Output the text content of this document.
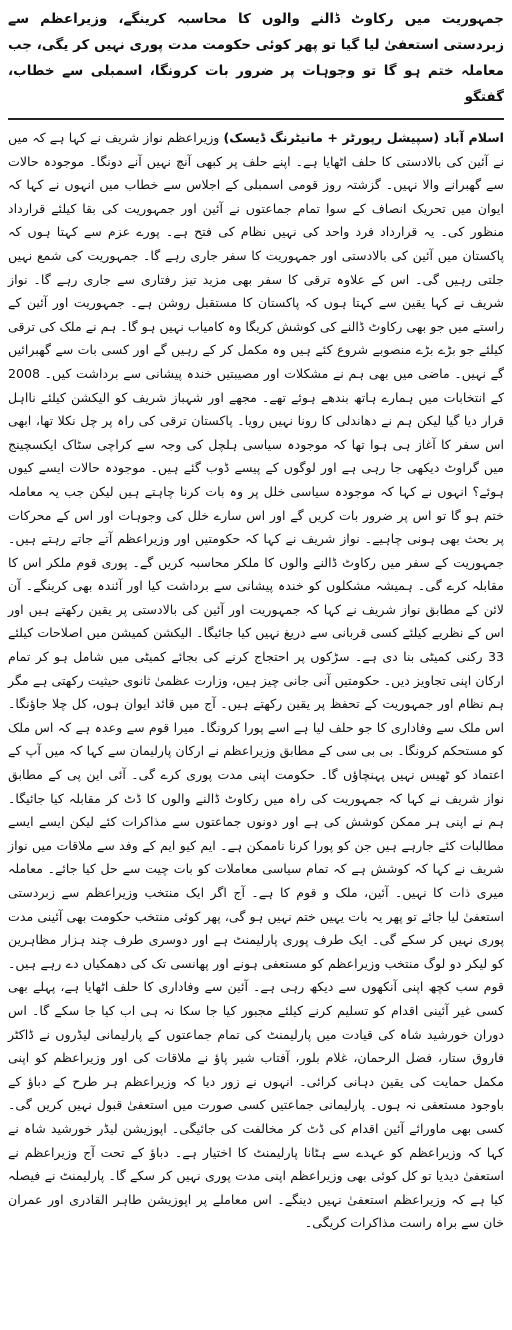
جمہوریت میں رکاوٹ ڈالنے والوں کا محاسبہ کرینگے، وزیراعظم سے زبردستی استعفیٰ لیا گیا تو پھر کوئی حکومت مدت پوری نہیں کر یگی، جب معاملہ ختم ہو گا تو وجوہات پر ضرور بات کرونگا، اسمبلی سے خطاب، گفتگو

اسلام آباد (سپیشل رپورٹر + مانیٹرنگ ڈیسک) وزیراعظم نواز شریف نے کہا ہے کہ میں نے آئین کی بالادستی کا حلف اٹھایا ہے۔ اپنے حلف پر کبھی آنچ نہیں آنے دونگا۔ موجودہ حالات سے گھبرانے والا نہیں۔ گزشتہ روز قومی اسمبلی کے اجلاس سے خطاب میں انہوں نے کہا کہ ایوان میں تحریک انصاف کے سوا تمام جماعتوں نے آئین اور جمہوریت کی بقا کیلئے قرارداد منظور کی۔ یہ قرارداد فرد واحد کی نہیں نظام کی فتح ہے۔ پورے عزم سے کہتا ہوں کہ پاکستان میں آئین کی بالادستی اور جمہوریت کا سفر جاری رہے گا۔ جمہوریت کی شمع نہیں جلتی رہیں گی۔ اس کے علاوہ ترقی کا سفر بھی مزید تیز رفتاری سے جاری رہے گا۔ نواز شریف نے کہا یقین سے کہتا ہوں کہ پاکستان کا مستقبل روشن ہے۔ جمہوریت اور آئین کے راستے میں جو بھی رکاوٹ ڈالنے کی کوشش کریگا وہ کامیاب نہیں ہو گا۔ ہم نے ملک کی ترقی کیلئے جو بڑے بڑے منصوبے شروع کئے ہیں وہ مکمل کر کے رہیں گے اور کسی بات سے گھبرائیں گے نہیں۔ ماضی میں بھی ہم نے مشکلات اور مصیبتیں خندہ پیشانی سے برداشت کیں۔ 2008 کے انتخابات میں ہمارے ہاتھ بندھے ہوئے تھے۔ مجھے اور شہباز شریف کو الیکشن کیلئے نااہل قرار دیا گیا لیکن ہم نے دھاندلی کا رونا نہیں رویا۔ پاکستان ترقی کی راہ پر چل نکلا تھا، ابھی اس سفر کا آغاز ہی ہوا تھا کہ موجودہ سیاسی ہلچل کی وجہ سے کراچی سٹاک ایکسچینج میں گراوٹ دیکھی جا رہی ہے اور لوگوں کے پیسے ڈوب گئے ہیں۔ موجودہ حالات ایسے کیوں ہوئے؟ انہوں نے کہا کہ موجودہ سیاسی خلل پر وہ بات کرنا چاہتے ہیں لیکن جب یہ معاملہ ختم ہو گا تو اس پر ضرور بات کریں گے اور اس سارے خلل کی وجوہات اور اس کے محرکات پر بحث بھی ہونی چاہیے۔ نواز شریف نے کہا کہ حکومتیں اور وزیراعظم آتے جاتے رہتے ہیں۔ جمہوریت کے سفر میں رکاوٹ ڈالنے والوں کا ملکر محاسبہ کریں گے۔ پوری قوم ملکر اس کا مقابلہ کرے گی۔ ہمیشہ مشکلوں کو خندہ پیشانی سے برداشت کیا اور آئندہ بھی کرینگے۔ آن لائن کے مطابق نواز شریف نے کہا کہ جمہوریت اور آئین کی بالادستی پر یقین رکھتے ہیں اور اس کے نظریے کیلئے کسی قربانی سے دریغ نہیں کیا جائیگا۔ الیکشن کمیشن میں اصلاحات کیلئے 33 رکنی کمیٹی بنا دی ہے۔ سڑکوں پر احتجاج کرنے کی بجائے کمیٹی میں شامل ہو کر تمام ارکان اپنی تجاویز دیں۔ حکومتیں آنی جانی چیز ہیں، وزارت عظمیٰ ثانوی حیثیت رکھتی ہے مگر ہم نظام اور جمہوریت کے تحفظ پر یقین رکھتے ہیں۔ آج میں قائد ایوان ہوں، کل چلا جاؤنگا۔ اس ملک سے وفاداری کا جو حلف لیا ہے اسے پورا کرونگا۔ میرا قوم سے وعدہ ہے کہ اس ملک کو مستحکم کرونگا۔ بی بی سی کے مطابق وزیراعظم نے ارکان پارلیمان سے کہا کہ میں آپ کے اعتماد کو ٹھیس نہیں پہنچاؤں گا۔ حکومت اپنی مدت پوری کرے گی۔ آئی این پی کے مطابق نواز شریف نے کہا کہ جمہوریت کی راہ میں رکاوٹ ڈالنے والوں کا ڈٹ کر مقابلہ کیا جائیگا۔ ہم نے اپنی ہر ممکن کوشش کی ہے اور دونوں جماعتوں سے مذاکرات کئے لیکن ایسے ایسے مطالبات کئے جارہے ہیں جن کو پورا کرنا ناممکن ہے۔ ایم کیو ایم کے وفد سے ملاقات میں نواز شریف نے کہا کہ کوشش ہے کہ تمام سیاسی معاملات کو بات چیت سے حل کیا جائے۔ معاملہ میری ذات کا نہیں۔ آئین، ملک و قوم کا ہے۔ آج اگر ایک منتخب وزیراعظم سے زبردستی استعفیٰ لیا جائے تو پھر یہ بات یہیں ختم نہیں ہو گی، پھر کوئی منتخب حکومت بھی آئینی مدت پوری نہیں کر سکے گی۔ ایک طرف پوری پارلیمنٹ ہے اور دوسری طرف چند ہزار مظاہرین کو لیکر دو لوگ منتخب وزیراعظم کو مستعفی ہونے اور پھانسی تک کی دھمکیاں دے رہے ہیں۔ قوم سب کچھ اپنی آنکھوں سے دیکھ رہی ہے۔ آئین سے وفاداری کا حلف اٹھایا ہے، پہلے بھی کسی غیر آئینی اقدام کو تسلیم کرنے کیلئے مجبور کیا جا سکا نہ ہی اب کیا جا سکے گا۔ اس دوران خورشید شاہ کی قیادت میں پارلیمنٹ کی تمام جماعتوں کے پارلیمانی لیڈروں نے ڈاکٹر فاروق ستار، فضل الرحمان، غلام بلور، آفتاب شیر پاؤ نے ملاقات کی اور وزیراعظم کو اپنی مکمل حمایت کی یقین دہانی کرائی۔ انہوں نے زور دیا کہ وزیراعظم ہر طرح کے دباؤ کے باوجود مستعفی نہ ہوں۔ پارلیمانی جماعتیں کسی صورت میں استعفیٰ قبول نہیں کریں گی۔ کسی بھی ماورائے آئین اقدام کی ڈٹ کر مخالفت کی جائیگی۔ اپوزیشن لیڈر خورشید شاہ نے کہا کہ وزیراعظم کو عہدے سے ہٹانا پارلیمنٹ کا اختیار ہے۔ دباؤ کے تحت آج وزیراعظم نے استعفیٰ دیدیا تو کل کوئی بھی وزیراعظم اپنی مدت پوری نہیں کر سکے گا۔ پارلیمنٹ نے فیصلہ کیا ہے کہ وزیراعظم استعفیٰ نہیں دینگے۔ اس معاملے پر اپوزیشن طاہر القادری اور عمران خان سے براہ راست مذاکرات کریگی۔
